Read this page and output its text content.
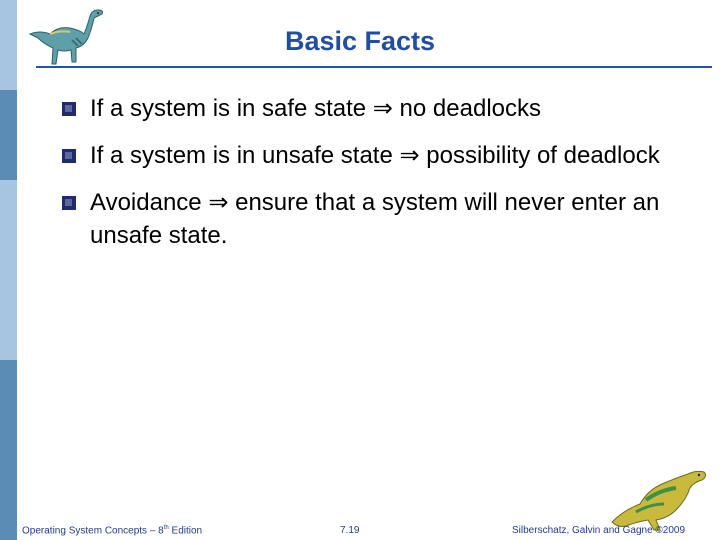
Basic Facts
If a system is in safe state ⇒ no deadlocks
If a system is in unsafe state ⇒ possibility of deadlock
Avoidance ⇒ ensure that a system will never enter an unsafe state.
Operating System Concepts – 8th Edition	7.19	Silberschatz, Galvin and Gagne ©2009
